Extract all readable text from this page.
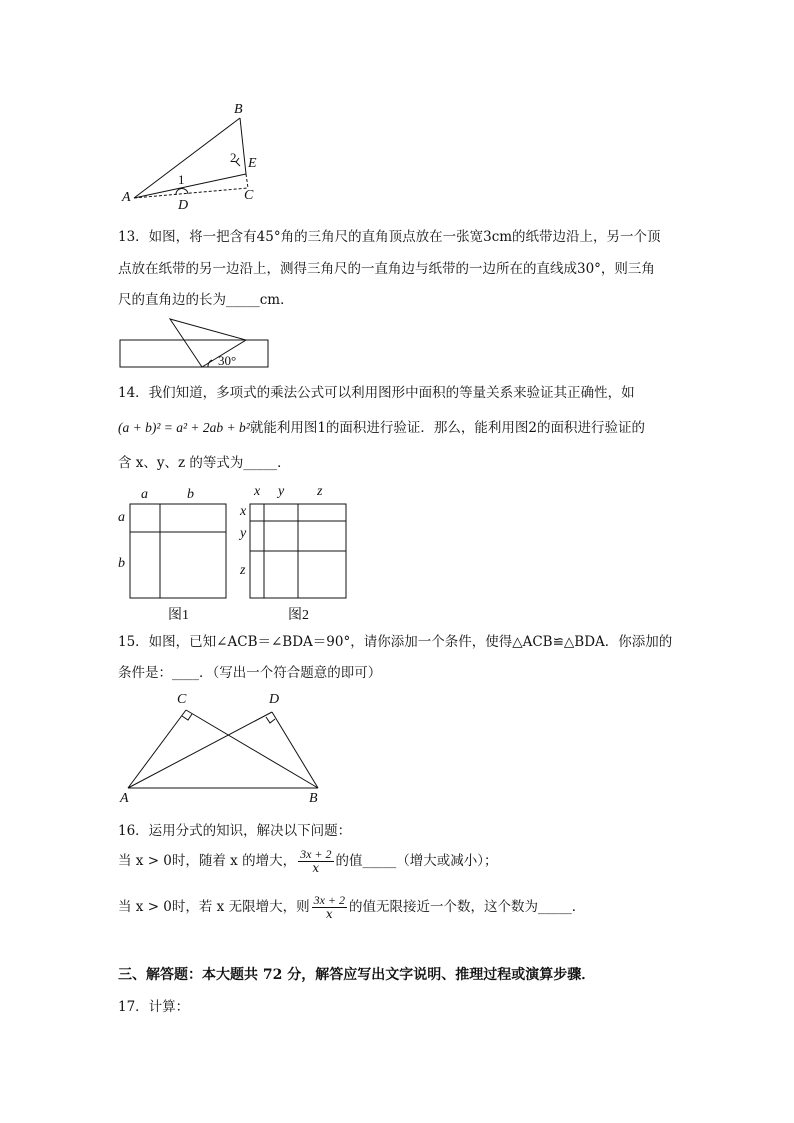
B
E
C
A
D
1
2
13．如图，将一把含有45°角的三角尺的直角顶点放在一张宽3cm的纸带边沿上，另一个顶
点放在纸带的另一边沿上，测得三角尺的一直角边与纸带的一边所在的直线成30°，则三角
尺的直角边的长为_____cm．
30°
14．我们知道，多项式的乘法公式可以利用图形中面积的等量关系来验证其正确性，如
(a + b)² = a² + 2ab + b²就能利用图1的面积进行验证．那么，能利用图2的面积进行验证的
含 x、y、z 的等式为_____．
a	b
a
b
图1
x y z
x
y
z
图2
15．如图，已知∠ACB＝∠BDA＝90°，请你添加一个条件，使得△ACB≌△BDA．你添加的
条件是：____．（写出一个符合题意的即可）
C	D
A	B
16．运用分式的知识，解决以下问题：
当 x > 0时，随着 x 的增大， $\frac{3x + 2}{x}$ 的值_____（增大或减小）；
当 x > 0时，若 x 无限增大，则 $\frac{3x + 2}{x}$ 的值无限接近一个数，这个数为_____．
三、解答题：本大题共 72 分，解答应写出文字说明、推理过程或演算步骤．
17．计算：
